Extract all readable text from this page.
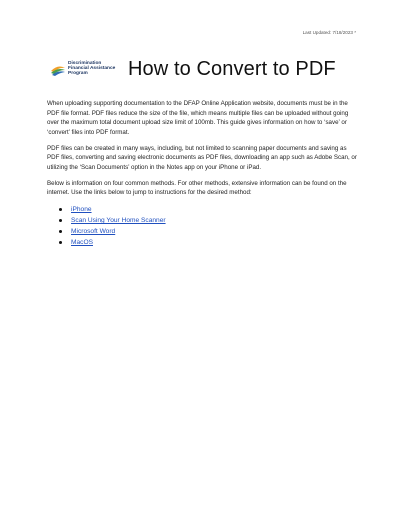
Last Updated: 7/18/2023 *
Discrimination
Financial Assistance
Program	How to Convert to PDF

When uploading supporting documentation to the DFAP Online Application website, documents must be in the PDF file format. PDF files reduce the size of the file, which means multiple files can be uploaded without going over the maximum total document upload size limit of 100mb. This guide gives information on how to ‘save’ or ‘convert’ files into PDF format.

PDF files can be created in many ways, including, but not limited to scanning paper documents and saving as PDF files, converting and saving electronic documents as PDF files, downloading an app such as Adobe Scan, or utilizing the ‘Scan Documents’ option in the Notes app on your iPhone or iPad.

Below is information on four common methods. For other methods, extensive information can be found on the internet. Use the links below to jump to instructions for the desired method:

iPhone
Scan Using Your Home Scanner
Microsoft Word
MacOS
